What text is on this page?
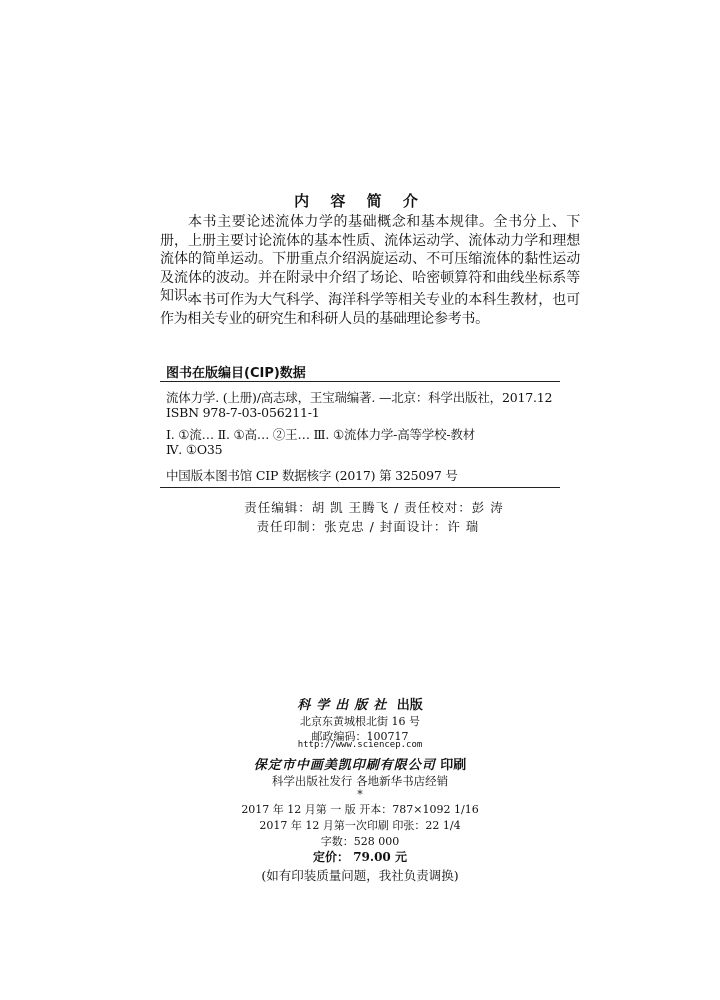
内 容 简 介
本书主要论述流体力学的基础概念和基本规律。全书分上、下册，上册主要讨论流体的基本性质、流体运动学、流体动力学和理想流体的简单运动。下册重点介绍涡旋运动、不可压缩流体的黏性运动及流体的波动。并在附录中介绍了场论、哈密顿算符和曲线坐标系等知识。
本书可作为大气科学、海洋科学等相关专业的本科生教材，也可作为相关专业的研究生和科研人员的基础理论参考书。
图书在版编目(CIP)数据
流体力学. (上册)/高志球，王宝瑞编著. —北京：科学出版社，2017.12
ISBN 978-7-03-056211-1
Ⅰ. ①流… Ⅱ. ①高… ②王… Ⅲ. ①流体力学-高等学校-教材
Ⅳ. ①O35
中国版本图书馆 CIP 数据核字 (2017) 第 325097 号
责任编辑：胡 凯 王腾飞 / 责任校对：彭 涛
责任印制：张克忠 / 封面设计：许 瑞
科学出版社 出版
北京东黄城根北街 16 号
邮政编码：100717
http://www.sciencep.com
保定市中画美凯印刷有限公司 印刷
科学出版社发行 各地新华书店经销
*
2017 年 12 月第 一 版 开本：787×1092 1/16
2017 年 12 月第一次印刷 印张：22 1/4
字数：528 000
定价： 79.00 元
(如有印装质量问题，我社负责调换)
